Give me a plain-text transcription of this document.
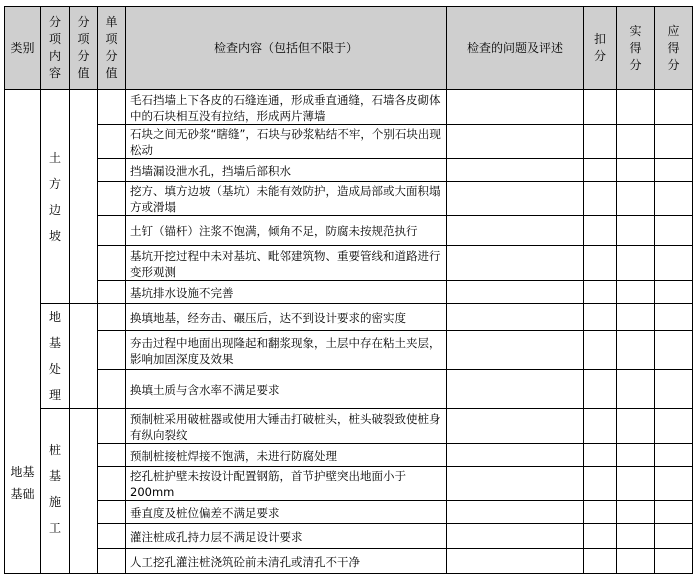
类别	分项内容	分项分值	单项分值	检查内容（包括但不限于）	检查的问题及评述	扣分	实得分	应得分
地基基础	土方边坡			毛石挡墙上下各皮的石缝连通，形成垂直通缝，石墙各皮砌体中的石块相互没有拉结，形成两片薄墙				
				石块之间无砂浆“瞎缝”，石块与砂浆粘结不牢，个别石块出现松动				
				挡墙漏设泄水孔，挡墙后部积水				
				挖方、填方边坡（基坑）未能有效防护，造成局部或大面积塌方或滑塌				
				土钉（锚杆）注浆不饱满，倾角不足，防腐未按规范执行				
				基坑开挖过程中未对基坑、毗邻建筑物、重要管线和道路进行变形观测				
				基坑排水设施不完善				
	地基处理			换填地基，经夯击、碾压后，达不到设计要求的密实度				
				夯击过程中地面出现隆起和翻浆现象，土层中存在粘土夹层，影响加固深度及效果				
				换填土质与含水率不满足要求				
	桩基施工			预制桩采用破桩器或使用大锤击打破桩头，桩头破裂致使桩身有纵向裂纹				
				预制桩接桩焊接不饱满，未进行防腐处理				
				挖孔桩护壁未按设计配置钢筋，首节护壁突出地面小于200mm				
				垂直度及桩位偏差不满足要求				
				灌注桩成孔持力层不满足设计要求				
				人工挖孔灌注桩浇筑砼前未清孔或清孔不干净				
